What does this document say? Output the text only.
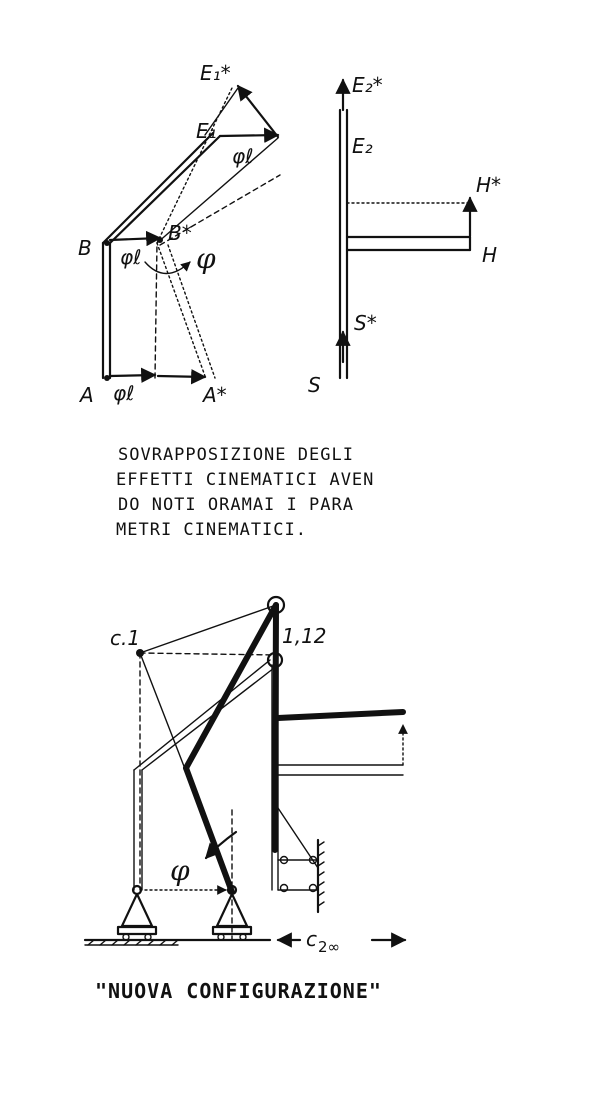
E₁*
E₁
φℓ
B
B*
φℓ φ
A φℓ	A*
E₂*
E₂
H*
H
S*
S
SOVRAPPOSIZIONE DEGLI
EFFETTI CINEMATICI AVEN
DO NOTI ORAMAI I PARA
METRI CINEMATICI.
c.1	1,12
φ
c 2∞
"NUOVA CONFIGURAZIONE"
